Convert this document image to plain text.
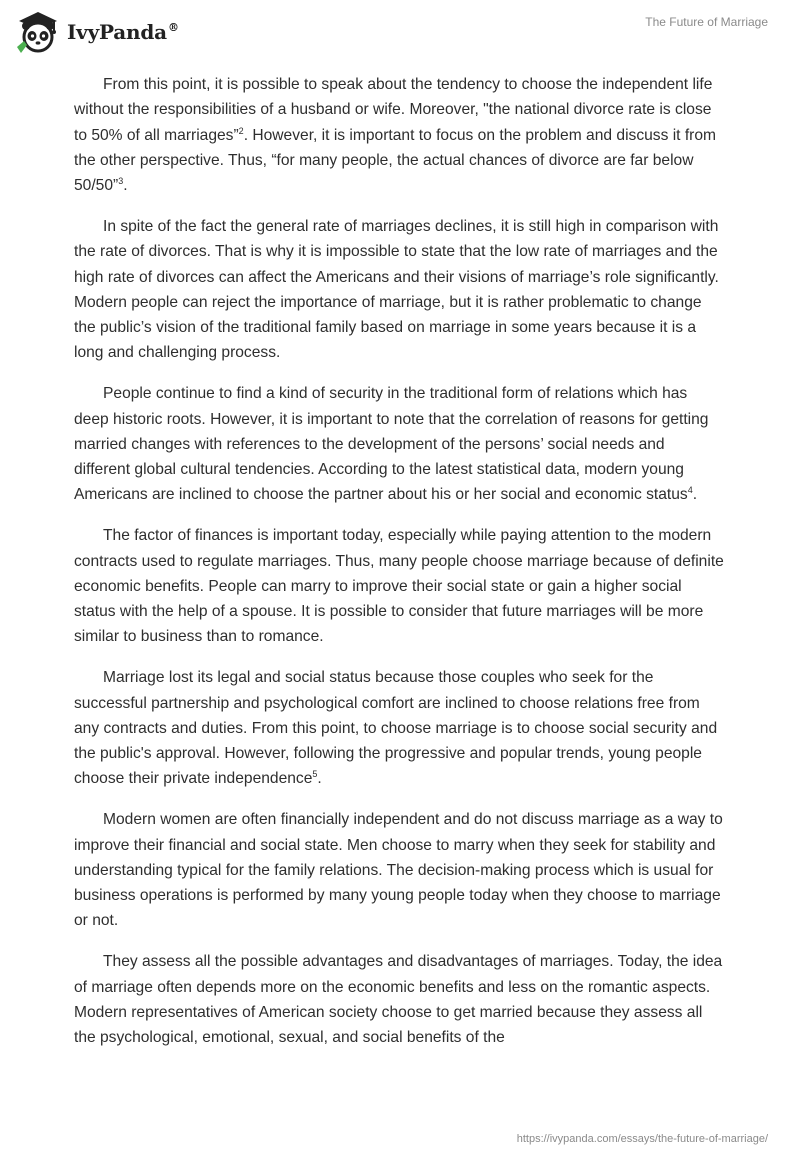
IvyPanda®	The Future of Marriage

From this point, it is possible to speak about the tendency to choose the independent life without the responsibilities of a husband or wife. Moreover, "the national divorce rate is close to 50% of all marriages”$^2$. However, it is important to focus on the problem and discuss it from the other perspective. Thus, “for many people, the actual chances of divorce are far below 50/50”$^3$.

In spite of the fact the general rate of marriages declines, it is still high in comparison with the rate of divorces. That is why it is impossible to state that the low rate of marriages and the high rate of divorces can affect the Americans and their visions of marriage’s role significantly. Modern people can reject the importance of marriage, but it is rather problematic to change the public’s vision of the traditional family based on marriage in some years because it is a long and challenging process.

People continue to find a kind of security in the traditional form of relations which has deep historic roots. However, it is important to note that the correlation of reasons for getting married changes with references to the development of the persons’ social needs and different global cultural tendencies. According to the latest statistical data, modern young Americans are inclined to choose the partner about his or her social and economic status$^4$.

The factor of finances is important today, especially while paying attention to the modern contracts used to regulate marriages. Thus, many people choose marriage because of definite economic benefits. People can marry to improve their social state or gain a higher social status with the help of a spouse. It is possible to consider that future marriages will be more similar to business than to romance.

Marriage lost its legal and social status because those couples who seek for the successful partnership and psychological comfort are inclined to choose relations free from any contracts and duties. From this point, to choose marriage is to choose social security and the public's approval. However, following the progressive and popular trends, young people choose their private independence$^5$.

Modern women are often financially independent and do not discuss marriage as a way to improve their financial and social state. Men choose to marry when they seek for stability and understanding typical for the family relations. The decision-making process which is usual for business operations is performed by many young people today when they choose to marriage or not.

They assess all the possible advantages and disadvantages of marriages. Today, the idea of marriage often depends more on the economic benefits and less on the romantic aspects. Modern representatives of American society choose to get married because they assess all the psychological, emotional, sexual, and social benefits of the

https://ivypanda.com/essays/the-future-of-marriage/
